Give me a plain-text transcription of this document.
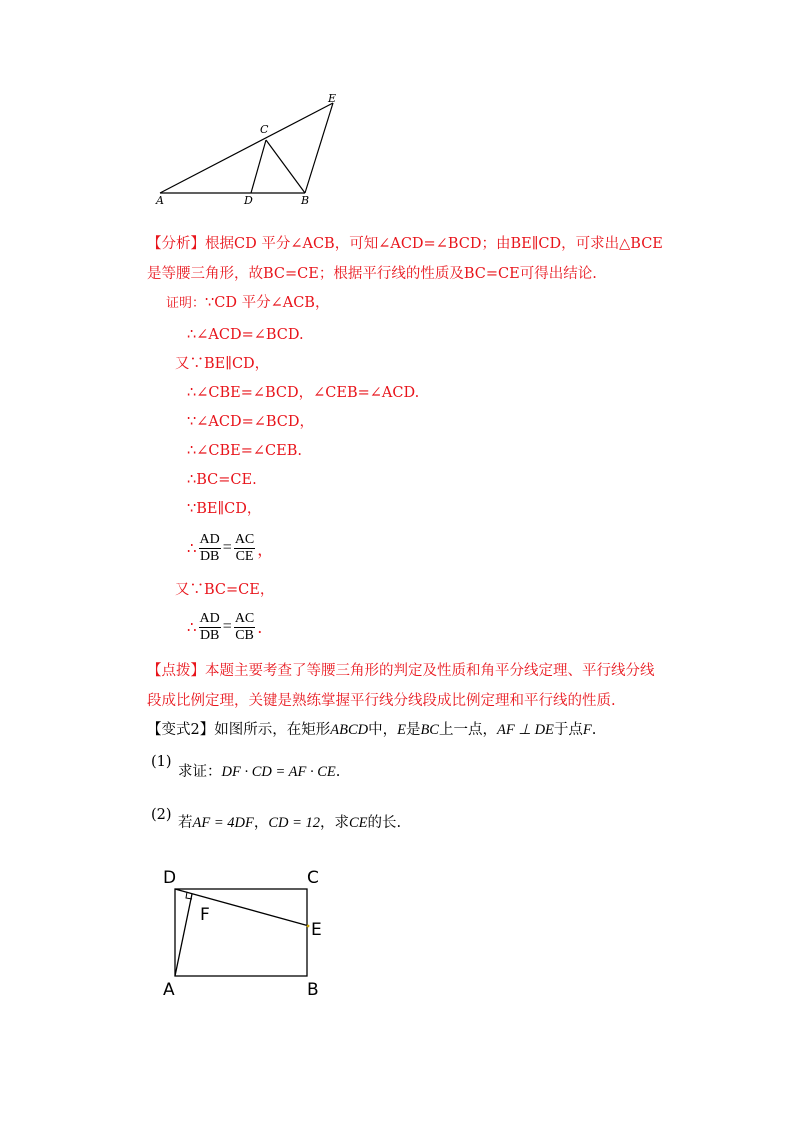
A	D	B
C
E
【分析】根据CD 平分∠ACB，可知∠ACD=∠BCD；由BE∥CD，可求出△BCE是等腰三角形，故BC=CE；根据平行线的性质及BC=CE可得出结论.
证明：∵CD 平分∠ACB，
∴∠ACD=∠BCD.
又∵BE∥CD，
∴∠CBE=∠BCD，∠CEB=∠ACD.
∵∠ACD=∠BCD，
∴∠CBE=∠CEB.
∴BC=CE.
∵BE∥CD，
∴ $\frac{AD}{DB} = \frac{AC}{CE}$ ，
又∵BC=CE，
∴ $\frac{AD}{DB} = \frac{AC}{CB}$ .
【点拨】本题主要考查了等腰三角形的判定及性质和角平分线定理、平行线分线段成比例定理，关键是熟练掌握平行线分线段成比例定理和平行线的性质.
【变式2】如图所示，在矩形ABCD中，E是BC上一点，AF ⊥ DE于点F.
(1)
求证：DF · CD = AF · CE.
(2) 若AF = 4DF，CD = 12，求CE的长.
D	C
F
E
A	B
